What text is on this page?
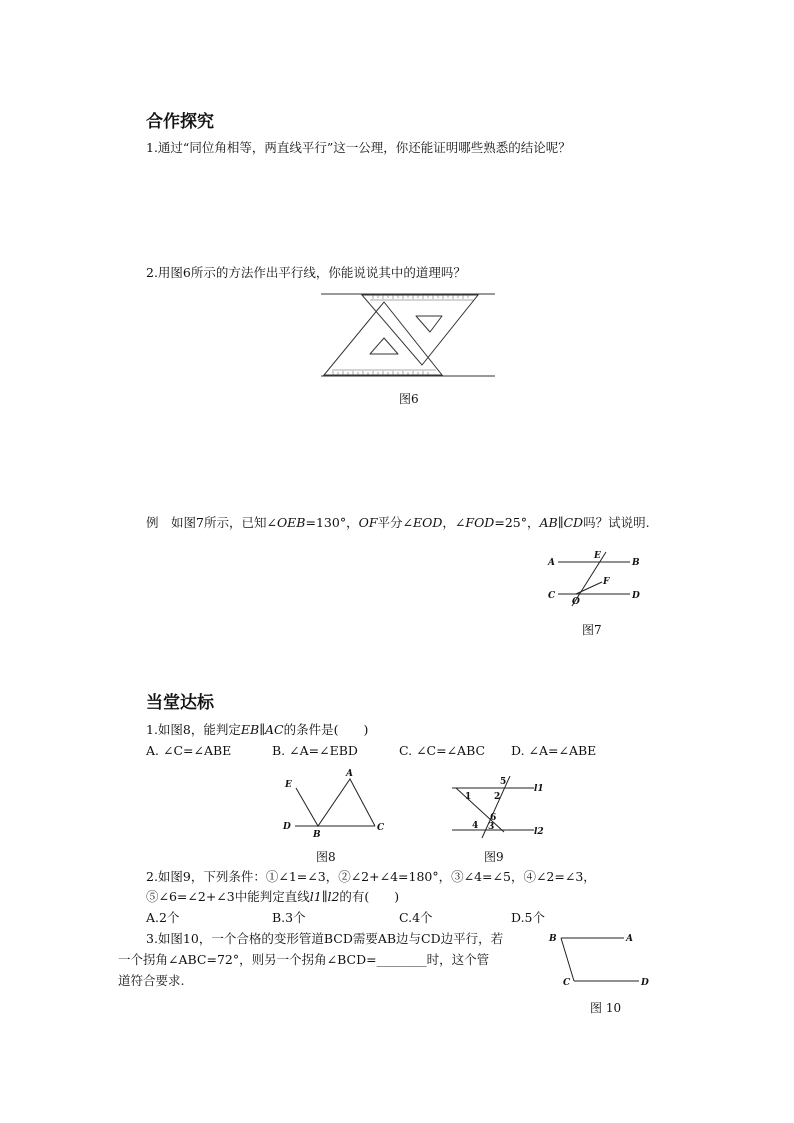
合作探究
1.通过“同位角相等，两直线平行”这一公理，你还能证明哪些熟悉的结论呢？
2.用图6所示的方法作出平行线，你能说说其中的道理吗？
图6
例　如图7所示，已知∠OEB=130°，OF平分∠EOD，∠FOD=25°，AB∥CD吗？试说明.
A
E
B
F
C
O
D
图7
当堂达标
1.如图8，能判定EB∥AC的条件是(　　)
A. ∠C=∠ABE	B. ∠A=∠EBD	C. ∠C=∠ABC D. ∠A=∠ABE
E
A
D
B
C
图8
1	2
5
6
4 3
l1
l2
图9
2.如图9，下列条件：①∠1=∠3，②∠2+∠4=180°，③∠4=∠5，④∠2=∠3，
⑤∠6=∠2+∠3中能判定直线l1∥l2的有(　　)
A.2个	B.3个	C.4个	D.5个
3.如图10，一个合格的变形管道BCD需要AB边与CD边平行，若
一个拐角∠ABC=72°，则另一个拐角∠BCD=________时，这个管
道符合要求.
B	A
C	D
图 10
